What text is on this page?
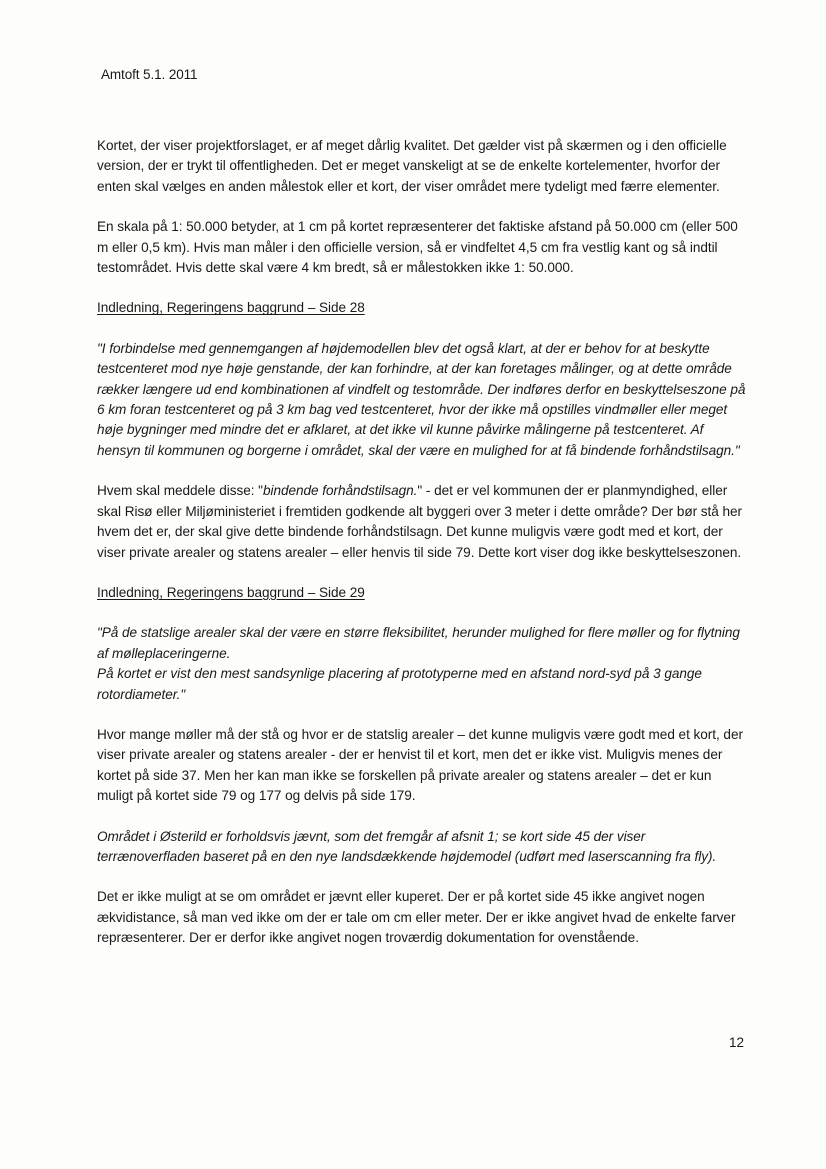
Amtoft 5.1. 2011

Kortet, der viser projektforslaget, er af meget dårlig kvalitet. Det gælder vist på skærmen og i den officielle version, der er trykt til offentligheden. Det er meget vanskeligt at se de enkelte kortelementer, hvorfor der enten skal vælges en anden målestok eller et kort, der viser området mere tydeligt med færre elementer.

En skala på 1: 50.000 betyder, at 1 cm på kortet repræsenterer det faktiske afstand på 50.000 cm (eller 500 m eller 0,5 km). Hvis man måler i den officielle version, så er vindfeltet 4,5 cm fra vestlig kant og så indtil testområdet. Hvis dette skal være 4 km bredt, så er målestokken ikke 1: 50.000.

Indledning, Regeringens baggrund – Side 28

"I forbindelse med gennemgangen af højdemodellen blev det også klart, at der er behov for at beskytte testcenteret mod nye høje genstande, der kan forhindre, at der kan foretages målinger, og at dette område rækker længere ud end kombinationen af vindfelt og testområde. Der indføres derfor en beskyttelseszone på 6 km foran testcenteret og på 3 km bag ved testcenteret, hvor der ikke må opstilles vindmøller eller meget høje bygninger med mindre det er afklaret, at det ikke vil kunne påvirke målingerne på testcenteret. Af hensyn til kommunen og borgerne i området, skal der være en mulighed for at få bindende forhåndstilsagn."

Hvem skal meddele disse: "bindende forhåndstilsagn." - det er vel kommunen der er planmyndighed, eller skal Risø eller Miljøministeriet i fremtiden godkende alt byggeri over 3 meter i dette område? Der bør stå her hvem det er, der skal give dette bindende forhåndstilsagn. Det kunne muligvis være godt med et kort, der viser private arealer og statens arealer – eller henvis til side 79. Dette kort viser dog ikke beskyttelseszonen.

Indledning, Regeringens baggrund – Side 29

"På de statslige arealer skal der være en større fleksibilitet, herunder mulighed for flere møller og for flytning af mølleplaceringerne.

På kortet er vist den mest sandsynlige placering af prototyperne med en afstand nord-syd på 3 gange rotordiameter."

Hvor mange møller må der stå og hvor er de statslig arealer – det kunne muligvis være godt med et kort, der viser private arealer og statens arealer - der er henvist til et kort, men det er ikke vist. Muligvis menes der kortet på side 37. Men her kan man ikke se forskellen på private arealer og statens arealer – det er kun muligt på kortet side 79 og 177 og delvis på side 179.

Området i Østerild er forholdsvis jævnt, som det fremgår af afsnit 1; se kort side 45 der viser terrænoverfladen baseret på en den nye landsdækkende højdemodel (udført med laserscanning fra fly).

Det er ikke muligt at se om området er jævnt eller kuperet. Der er på kortet side 45 ikke angivet nogen ækvidistance, så man ved ikke om der er tale om cm eller meter. Der er ikke angivet hvad de enkelte farver repræsenterer. Der er derfor ikke angivet nogen troværdig dokumentation for ovenstående.

12
